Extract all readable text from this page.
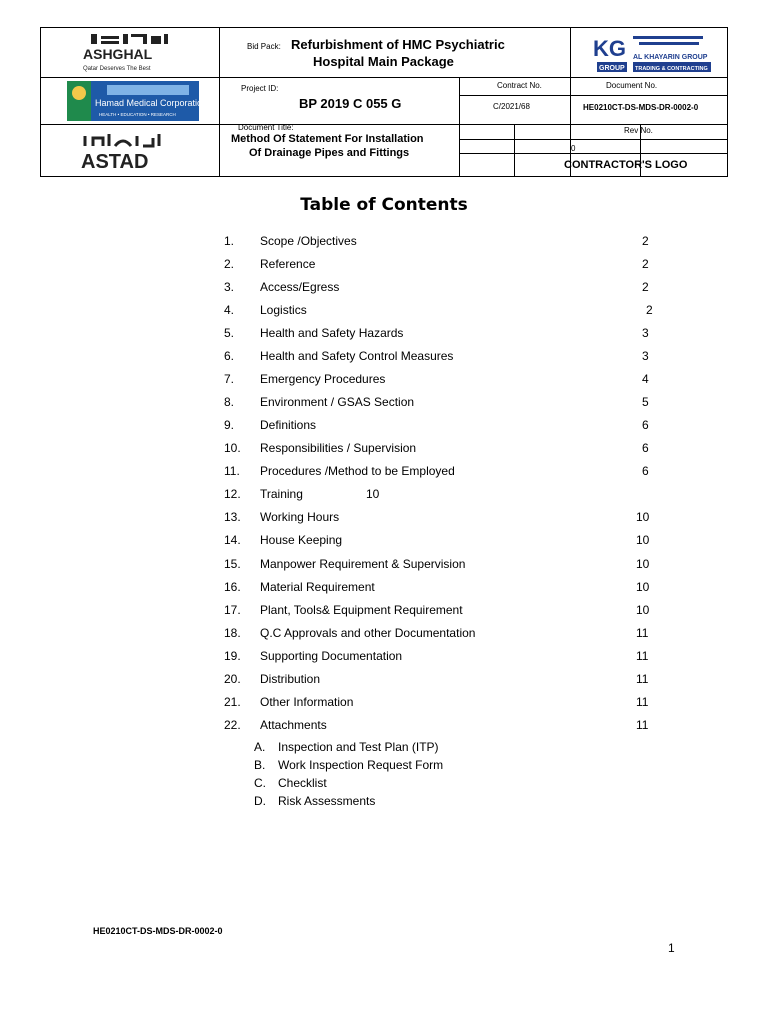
ASHGHAL
Qatar Deserves The Best
Bid Pack: Refurbishment of HMC Psychiatric
Hospital Main Package
KG
GROUP
AL KHAYARIN GROUP
TRADING & CONTRACTING
Hamad Medical Corporation
HEALTH • EDUCATION • RESEARCH
Project ID:
BP 2019 C 055 G
Contract No.
C/2021/68
Document No.
HE0210CT-DS-MDS-DR-0002-0
Document Title:
Method Of Statement For Installation
Of Drainage Pipes and Fittings
ASTAD
Rev No.
0
CONTRACTOR'S LOGO
Table of Contents
1. Scope /Objectives	2
2. Reference	2
3. Access/Egress	2
4. Logistics	2
5. Health and Safety Hazards	3
6. Health and Safety Control Measures	3
7. Emergency Procedures	4
8. Environment / GSAS Section	5
9. Definitions	6
10. Responsibilities / Supervision	6
11. Procedures /Method to be Employed	6
12. Training	10
13. Working Hours	10
14. House Keeping	10
15. Manpower Requirement & Supervision	10
16. Material Requirement	10
17. Plant, Tools& Equipment Requirement	10
18. Q.C Approvals and other Documentation	11
19. Supporting Documentation	11
20. Distribution	11
21. Other Information	11
22. Attachments	11
A. Inspection and Test Plan (ITP)
B. Work Inspection Request Form
C. Checklist
D. Risk Assessments
HE0210CT-DS-MDS-DR-0002-0
1
